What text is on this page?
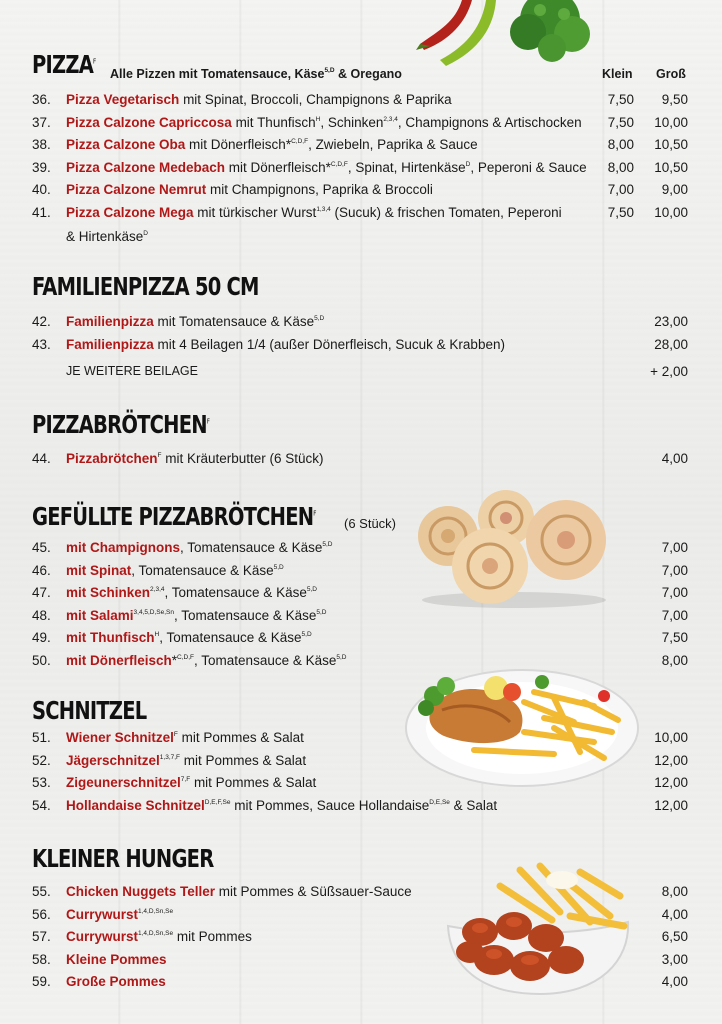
$PIZZA^F$
Alle Pizzen mit Tomatensauce, Käse$^{5,D}$ & Oregano	Klein Groß
36.	Pizza Vegetarisch mit Spinat, Broccoli, Champignons & Paprika	7,50	9,50
37.	Pizza Calzone Capriccosa mit Thunfisch$^H$, Schinken$^{2,3,4}$, Champignons & Artischocken	7,50	10,00
38.	Pizza Calzone Oba mit Dönerfleisch*$^{C,D,F}$, Zwiebeln, Paprika & Sauce	8,00	10,50
39.	Pizza Calzone Medebach mit Dönerfleisch*$^{C,D,F}$, Spinat, Hirtenkäse$^D$, Peperoni & Sauce	8,00	10,50
40.	Pizza Calzone Nemrut mit Champignons, Paprika & Broccoli	7,00	9,00
41.	Pizza Calzone Mega mit türkischer Wurst$^{1,3,4}$ (Sucuk) & frischen Tomaten, Peperoni	7,50	10,00
& Hirtenkäse$^D$
FAMILIENPIZZA 50 CM
42.	Familienpizza mit Tomatensauce & Käse$^{5,D}$	23,00
43.	Familienpizza mit 4 Beilagen 1/4 (außer Dönerfleisch, Sucuk & Krabben)	28,00
JE WEITERE BEILAGE	+ 2,00
$PIZZABRÖTCHEN^F$
44.	Pizzabrötchen$^F$ mit Kräuterbutter (6 Stück)	4,00
GEFÜLLTE $PIZZABRÖTCHEN^F$
(6 Stück)
45.	mit Champignons, Tomatensauce & Käse$^{5,D}$	7,00
46.	mit Spinat, Tomatensauce & Käse$^{5,D}$	7,00
47.	mit Schinken$^{2,3,4}$, Tomatensauce & Käse$^{5,D}$	7,00
48.	mit Salami$^{3,4,5,D,Se,Sn}$, Tomatensauce & Käse$^{5,D}$	7,00
49.	mit Thunfisch$^H$, Tomatensauce & Käse$^{5,D}$	7,50
50.	mit Dönerfleisch*$^{C,D,F}$, Tomatensauce & Käse$^{5,D}$	8,00
SCHNITZEL
51.	Wiener Schnitzel$^F$ mit Pommes & Salat	10,00
52.	Jägerschnitzel$^{1,3,7,F}$ mit Pommes & Salat	12,00
53.	Zigeunerschnitzel$^{7,F}$ mit Pommes & Salat	12,00
54.	Hollandaise Schnitzel$^{D,E,F,Se}$ mit Pommes, Sauce Hollandaise$^{D,E,Se}$ & Salat	12,00
KLEINER HUNGER
55.	Chicken Nuggets Teller mit Pommes & Süßsauer-Sauce	8,00
56.	Currywurst$^{1,4,D,Sn,Se}$	4,00
57.	Currywurst$^{1,4,D,Sn,Se}$ mit Pommes	6,50
58.	Kleine Pommes	3,00
59.	Große Pommes	4,00
